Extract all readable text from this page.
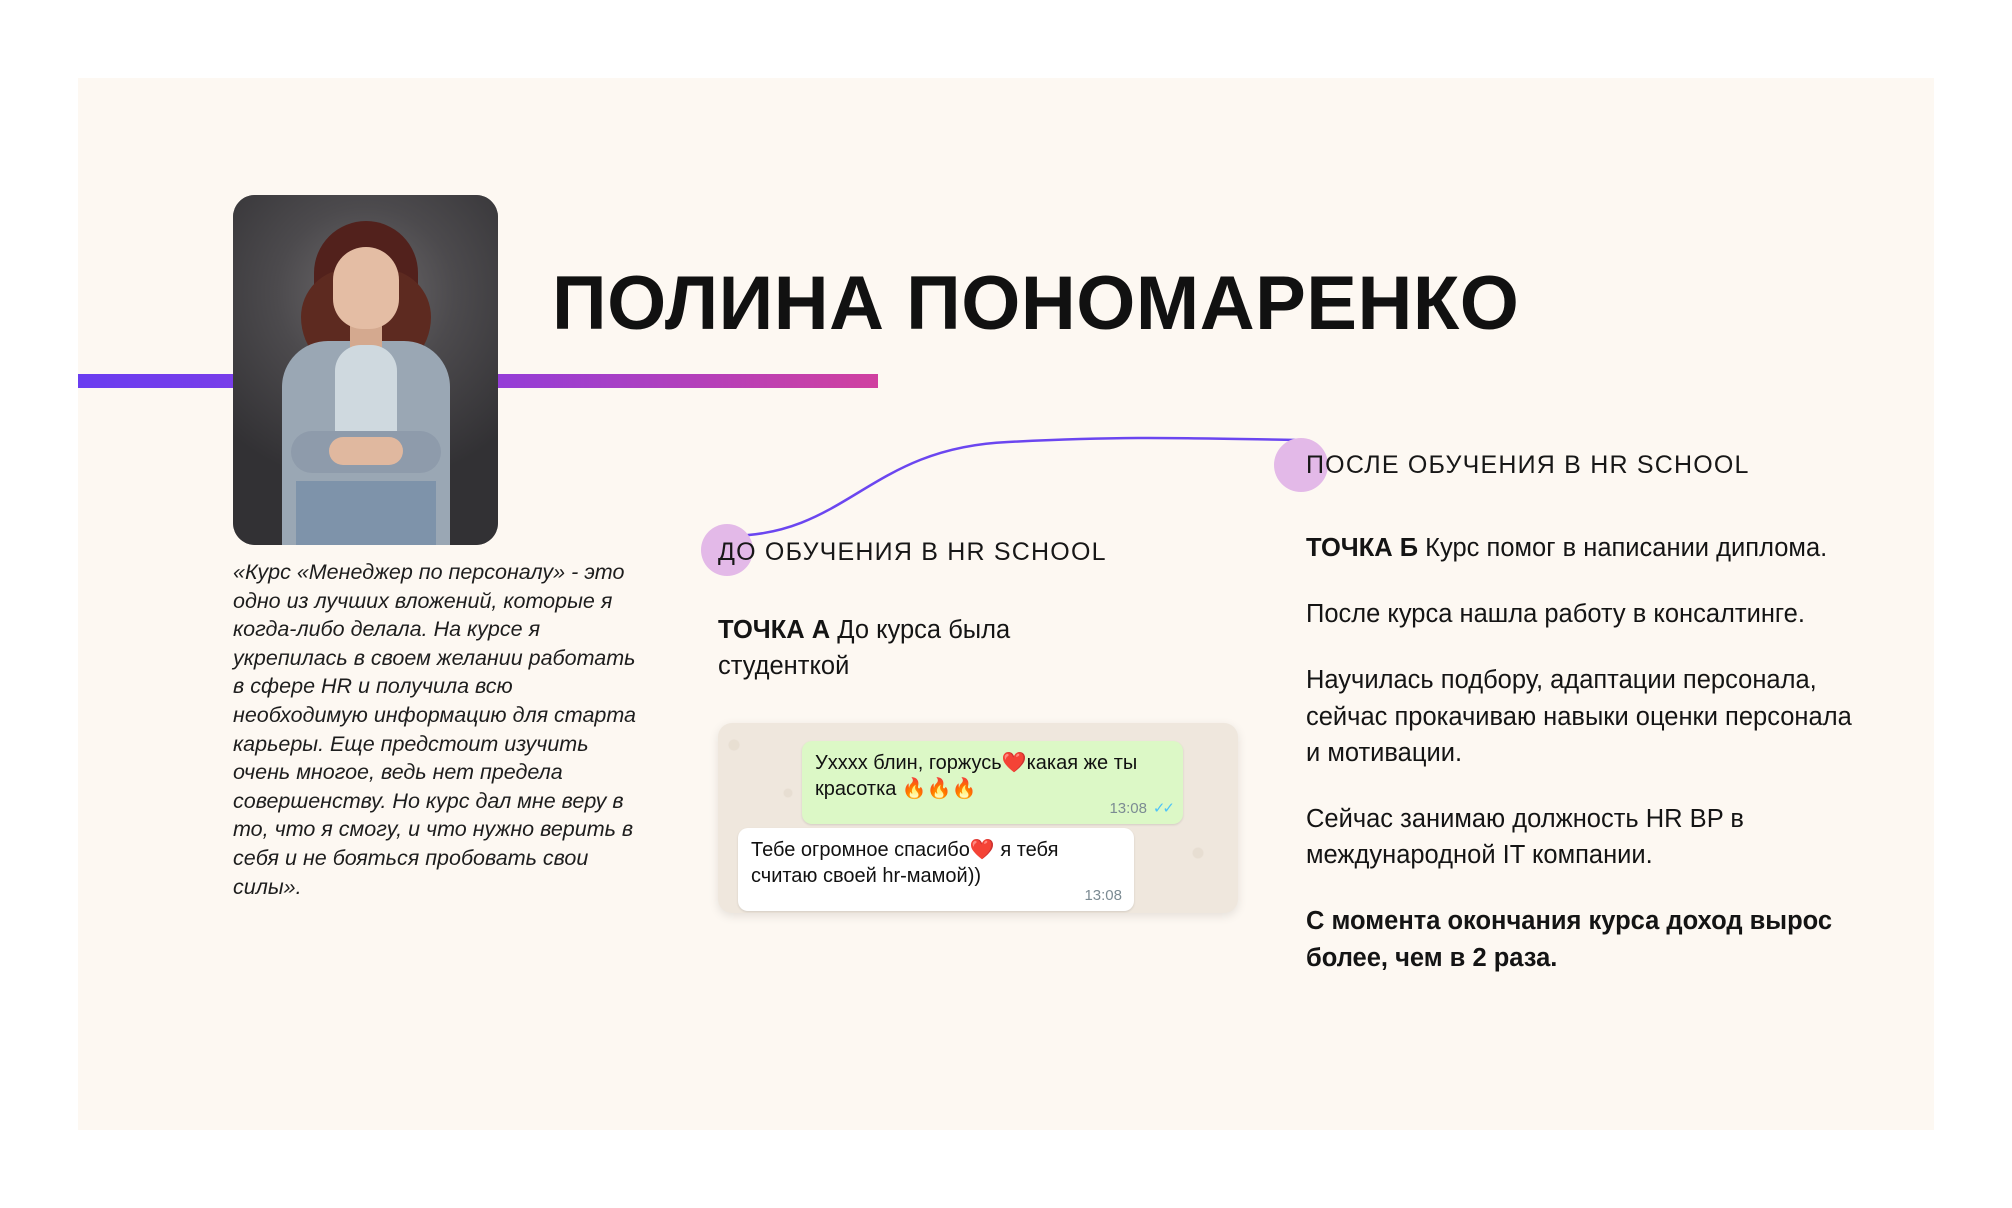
ПОЛИНА ПОНОМАРЕНКО
«Курс «Менеджер по персоналу» - это одно из лучших вложений, которые я когда-либо делала. На курсе я укрепилась в своем желании работать в сфере HR и получила всю необходимую информацию для старта карьеры. Еще предстоит изучить очень многое, ведь нет предела совершенству. Но курс дал мне веру в то, что я смогу, и что нужно верить в себя и не бояться пробовать свои силы».
ДО ОБУЧЕНИЯ В HR SCHOOL
ТОЧКА А До курса была студенткой
Уxxxx блин, горжусь❤️какая же ты красотка 🔥🔥🔥
13:08 ✓✓
Тебе огромное спасибо❤️ я тебя считаю своей hr-мамой))
13:08
ПОСЛЕ ОБУЧЕНИЯ В HR SCHOOL

ТОЧКА Б Курс помог в написании диплома.

После курса нашла работу в консалтинге.

Научилась подбору, адаптации персонала, сейчас прокачиваю навыки оценки персонала и мотивации.

Сейчас занимаю должность HR BP в международной IT компании.

С момента окончания курса доход вырос более, чем в 2 раза.
